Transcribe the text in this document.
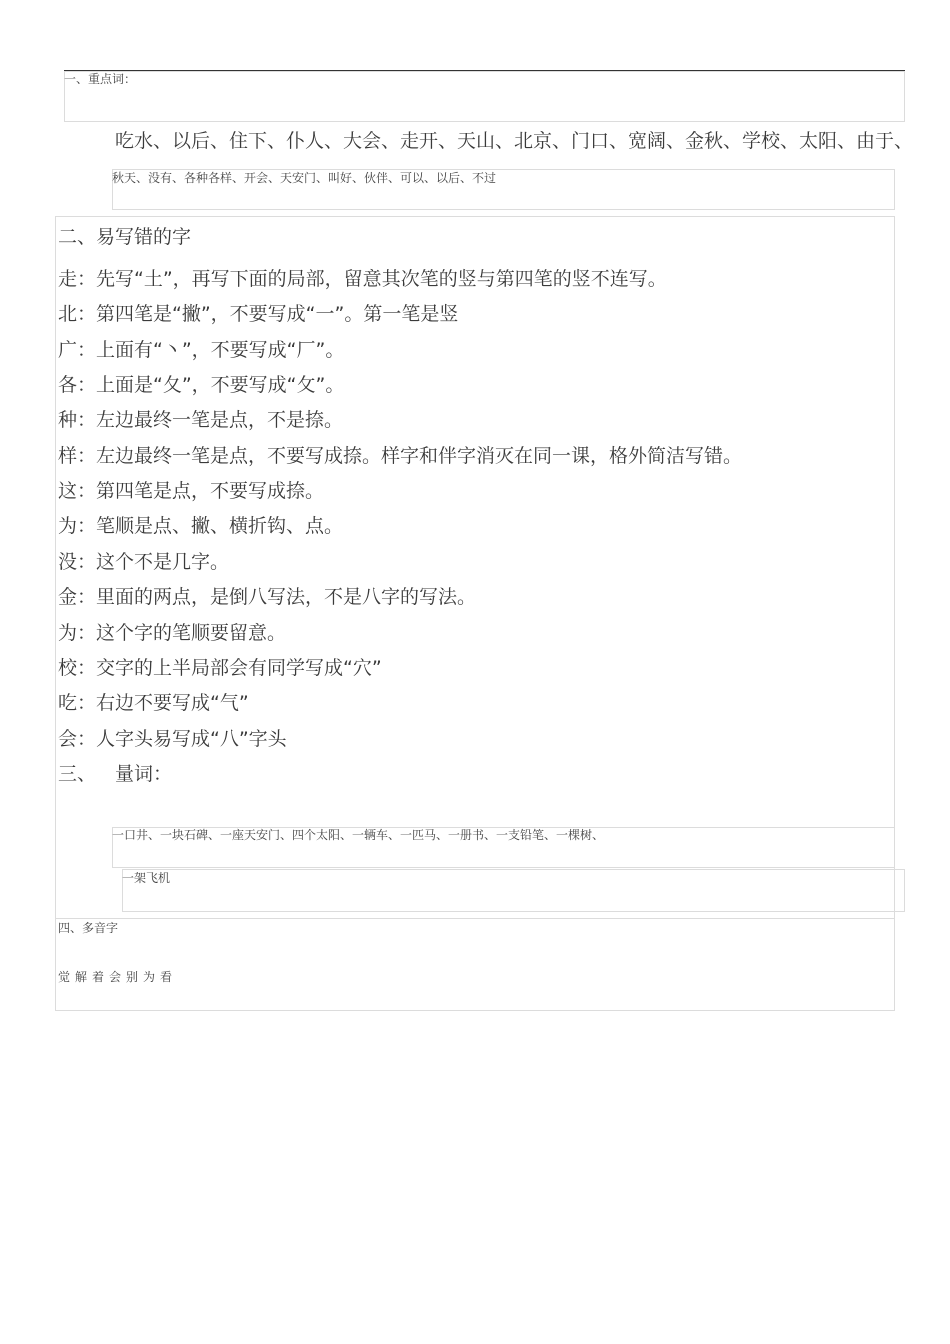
一、重点词：
吃水、以后、住下、仆人、大会、走开、天山、北京、门口、宽阔、金秋、学校、太阳、由于、
秋天、没有、各种各样、开会、天安门、叫好、伙伴、可以、以后、不过
二、易写错的字
走：先写“土”，再写下面的局部，留意其次笔的竖与第四笔的竖不连写。
北：第四笔是“撇”，不要写成“一”。第一笔是竖
广：上面有“丶”，不要写成“厂”。
各：上面是“夂”，不要写成“攵”。
种：左边最终一笔是点，不是捺。
样：左边最终一笔是点，不要写成捺。样字和伴字消灭在同一课，格外简洁写错。
这：第四笔是点，不要写成捺。
为：笔顺是点、撇、横折钩、点。
没：这个不是几字。
金：里面的两点，是倒八写法，不是八字的写法。
为：这个字的笔顺要留意。
校：交字的上半局部会有同学写成“穴”
吃：右边不要写成“气”
会：人字头易写成“八”字头
三、 量词：
一口井、一块石碑、一座天安门、四个太阳、一辆车、一匹马、一册书、一支铅笔、一棵树、
一架飞机
四、多音字
觉解着会别为看
